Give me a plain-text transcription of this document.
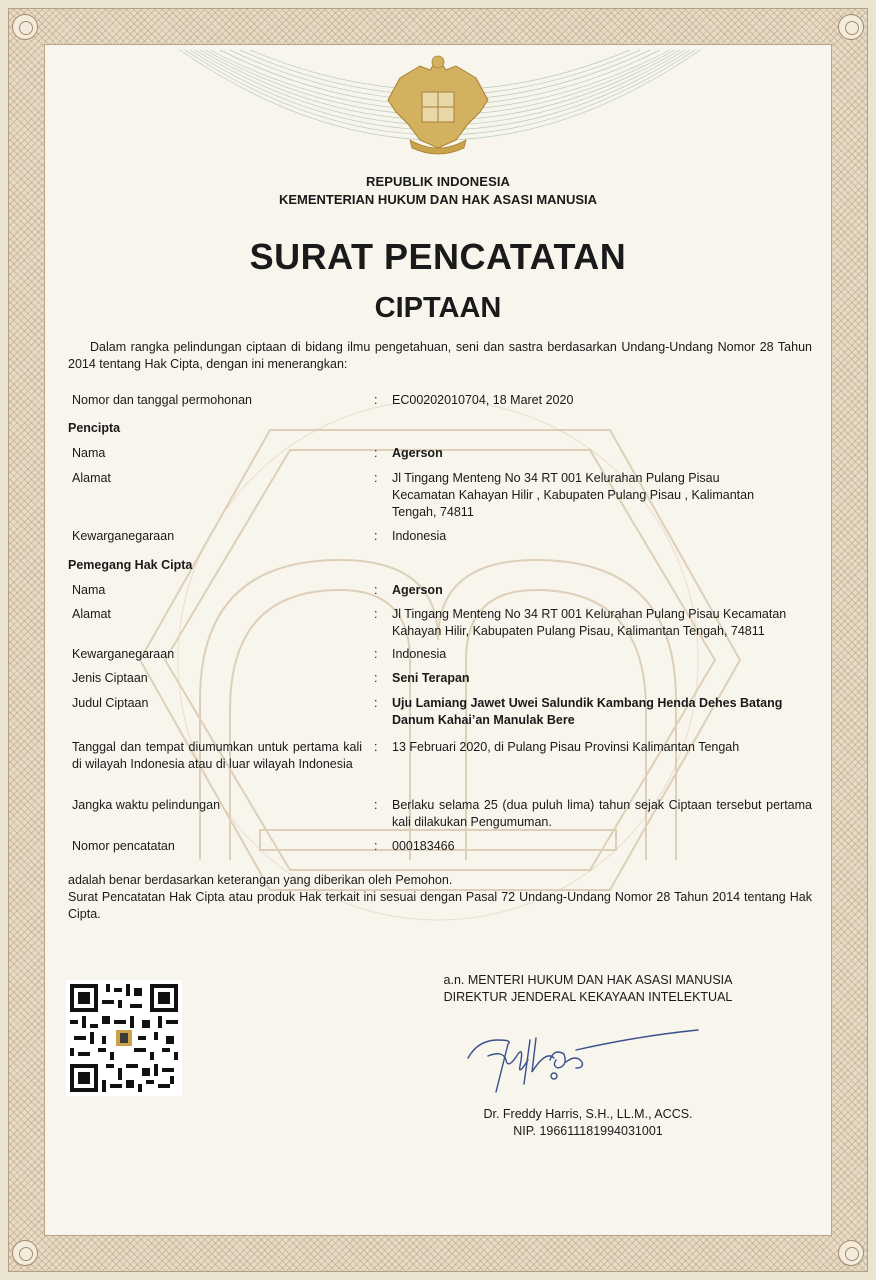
REPUBLIK INDONESIA
KEMENTERIAN HUKUM DAN HAK ASASI MANUSIA
SURAT PENCATATAN
CIPTAAN
Dalam rangka pelindungan ciptaan di bidang ilmu pengetahuan, seni dan sastra berdasarkan Undang-Undang Nomor 28 Tahun 2014 tentang Hak Cipta, dengan ini menerangkan:
Nomor dan tanggal permohonan	: EC00202010704, 18 Maret 2020
Pencipta
Nama	: Agerson
Alamat	: Jl Tingang Menteng No 34 RT 001 Kelurahan Pulang Pisau Kecamatan Kahayan Hilir , Kabupaten Pulang Pisau , Kalimantan Tengah, 74811
Kewarganegaraan	: Indonesia
Pemegang Hak Cipta
Nama	: Agerson
Alamat	: Jl Tingang Menteng No 34 RT 001 Kelurahan Pulang Pisau Kecamatan Kahayan Hilir, Kabupaten Pulang Pisau, Kalimantan Tengah, 74811
Kewarganegaraan	: Indonesia
Jenis Ciptaan	: Seni Terapan
Judul Ciptaan	: Uju Lamiang Jawet Uwei Salundik Kambang Henda Dehes Batang Danum Kahai’an Manulak Bere
Tanggal dan tempat diumumkan untuk pertama kali di wilayah Indonesia atau di luar wilayah Indonesia
: 13 Februari 2020, di Pulang Pisau Provinsi Kalimantan Tengah
Jangka waktu pelindungan	: Berlaku selama 25 (dua puluh lima) tahun sejak Ciptaan tersebut pertama kali dilakukan Pengumuman.
Nomor pencatatan	: 000183466
adalah benar berdasarkan keterangan yang diberikan oleh Pemohon.
Surat Pencatatan Hak Cipta atau produk Hak terkait ini sesuai dengan Pasal 72 Undang-Undang Nomor 28 Tahun 2014 tentang Hak Cipta.
a.n. MENTERI HUKUM DAN HAK ASASI MANUSIA
DIREKTUR JENDERAL KEKAYAAN INTELEKTUAL
Dr. Freddy Harris, S.H., LL.M., ACCS.
NIP. 196611181994031001
